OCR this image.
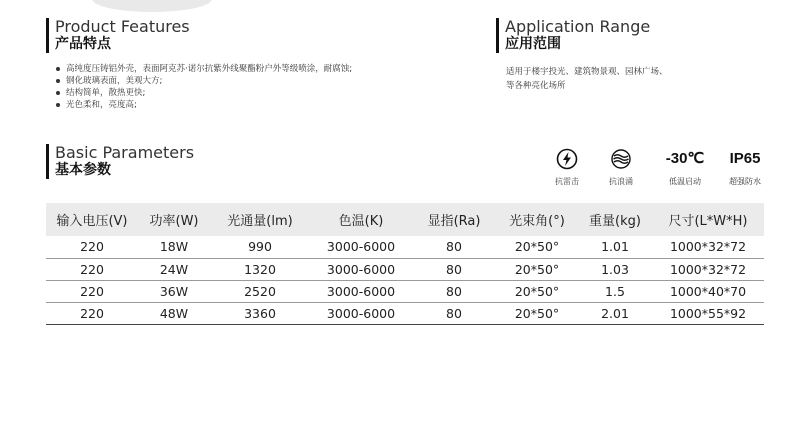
Product Features
产品特点
高纯度压铸铝外壳，表面阿克苏·诺尔抗紫外线聚酯粉户外等级喷涂，耐腐蚀;
钢化玻璃表面，美观大方;
结构简单，散热更快;
光色柔和，亮度高;
Application Range
应用范围

适用于楼宇投光、建筑物景观、园林广场、

等各种亮化场所

Basic Parameters
基本参数
抗雷击	抗浪涌
-30℃
低温启动
IP65
超强防水
输入电压(V)	功率(W)	光通量(lm)	色温(K)	显指(Ra)	光束角(°)	重量(kg)	尺寸(L*W*H)
220	18W	990	3000-6000	80	20*50°	1.01	1000*32*72
220	24W	1320	3000-6000	80	20*50°	1.03	1000*32*72
220	36W	2520	3000-6000	80	20*50°	1.5	1000*40*70
220	48W	3360	3000-6000	80	20*50°	2.01	1000*55*92
